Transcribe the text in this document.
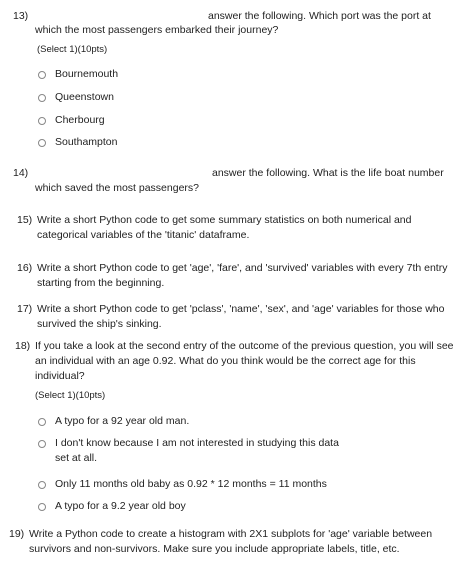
13)	answer the following. Which port was the port at
which the most passengers embarked their journey?
(Select 1)(10pts)
Bournemouth
Queenstown
Cherbourg
Southampton
14)	answer the following. What is the life boat number
which saved the most passengers?
15) Write a short Python code to get some summary statistics on both numerical and
categorical variables of the 'titanic' dataframe.
16) Write a short Python code to get 'age', 'fare', and 'survived' variables with every 7th entry
starting from the beginning.
17) Write a short Python code to get 'pclass', 'name', 'sex', and 'age' variables for those who
survived the ship's sinking.
18) If you take a look at the second entry of the outcome of the previous question, you will see
an individual with an age 0.92. What do you think would be the correct age for this
individual?
(Select 1)(10pts)
A typo for a 92 year old man.
I don't know because I am not interested in studying this data
set at all.
Only 11 months old baby as 0.92 * 12 months = 11 months
A typo for a 9.2 year old boy
19) Write a Python code to create a histogram with 2X1 subplots for 'age' variable between
survivors and non-survivors. Make sure you include appropriate labels, title, etc.
